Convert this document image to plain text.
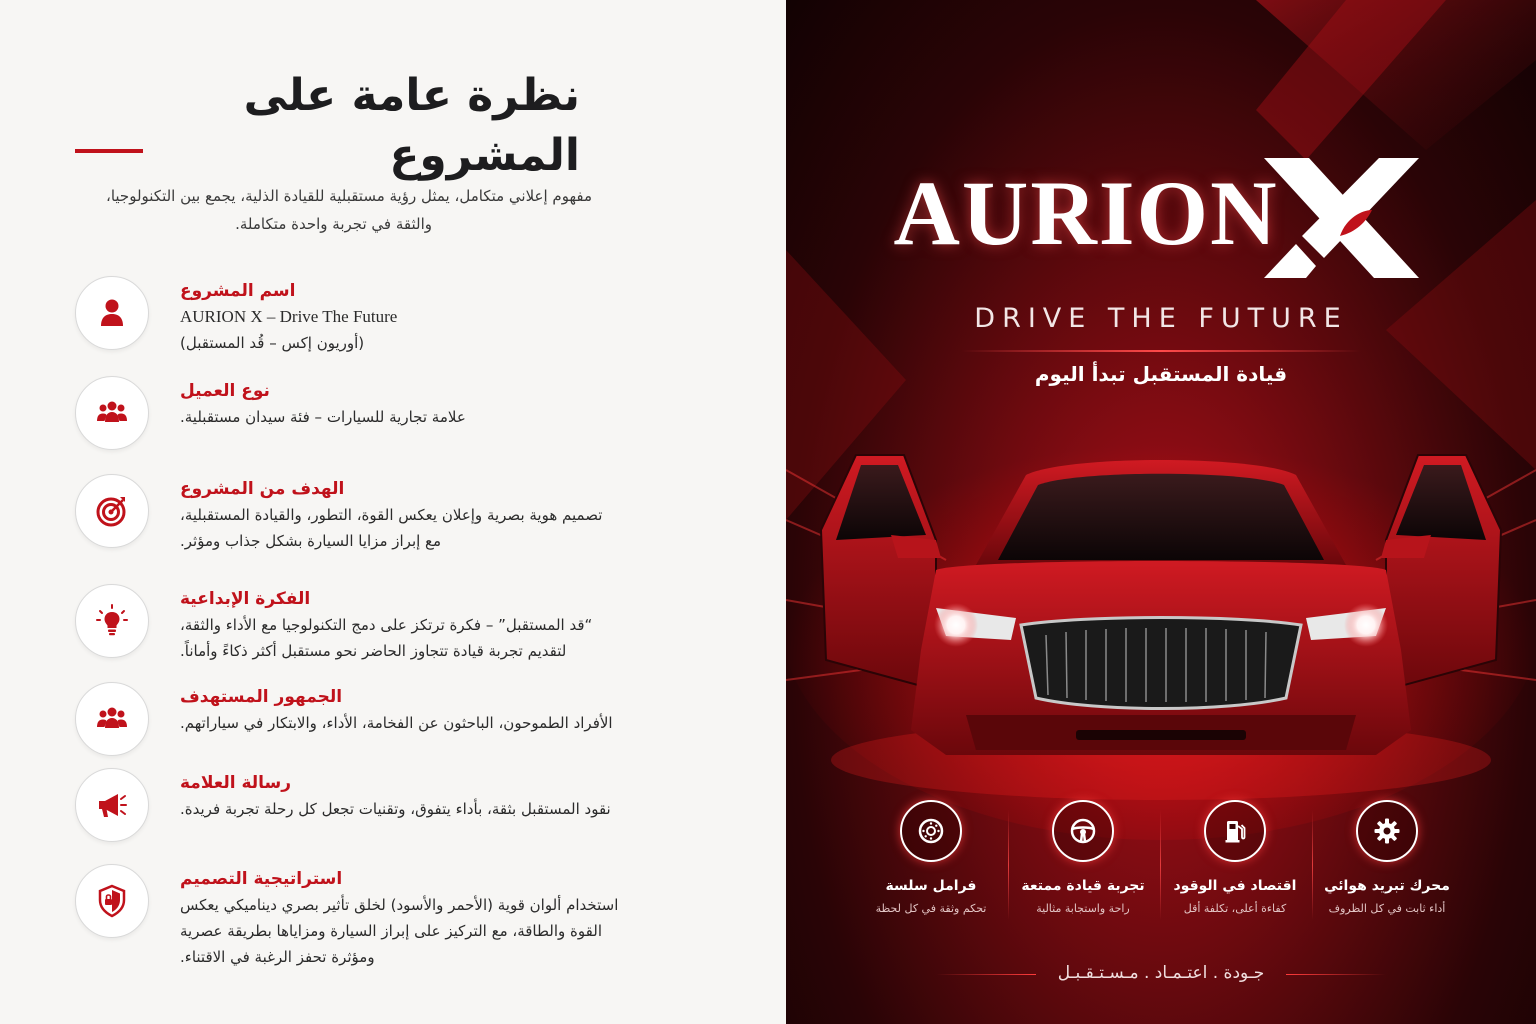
نظرة عامة على المشروع
مفهوم إعلاني متكامل، يمثل رؤية مستقبلية للقيادة الذلية، يجمع بين التكنولوجيا،
والثقة في تجربة واحدة متكاملة.
اسم المشروع
AURION X – Drive The Future
(أوريون إكس – قُد المستقبل)
نوع العميل
علامة تجارية للسيارات – فئة سيدان مستقبلية.
الهدف من المشروع
تصميم هوية بصرية وإعلان يعكس القوة، التطور، والقيادة المستقبلية،
مع إبراز مزايا السيارة بشكل جذاب ومؤثر.
الفكرة الإبداعية
“قد المستقبل” – فكرة ترتكز على دمج التكنولوجيا مع الأداء والثقة،
لتقديم تجربة قيادة تتجاوز الحاضر نحو مستقبل أكثر ذكاءً وأماناً.
الجمهور المستهدف
الأفراد الطموحون، الباحثون عن الفخامة، الأداء، والابتكار في سياراتهم.
رسالة العلامة
نقود المستقبل بثقة، بأداء يتفوق، وتقنيات تجعل كل رحلة تجربة فريدة.
استراتيجية التصميم
استخدام ألوان قوية (الأحمر والأسود) لخلق تأثير بصري ديناميكي يعكس
القوة والطاقة، مع التركيز على إبراز السيارة ومزاياها بطريقة عصرية
ومؤثرة تحفز الرغبة في الاقتناء.
AURION
DRIVE THE FUTURE
قيادة المستقبل تبدأ اليوم
فرامل سلسة
تحكم وثقة في كل لحظة
تجربة قيادة ممتعة
راحة واستجابة مثالية
اقتصاد في الوقود
كفاءة أعلى، تكلفة أقل
محرك تبريد هوائي
أداء ثابت في كل الظروف
جـودة . اعتـمـاد . مـسـتـقـبـل
